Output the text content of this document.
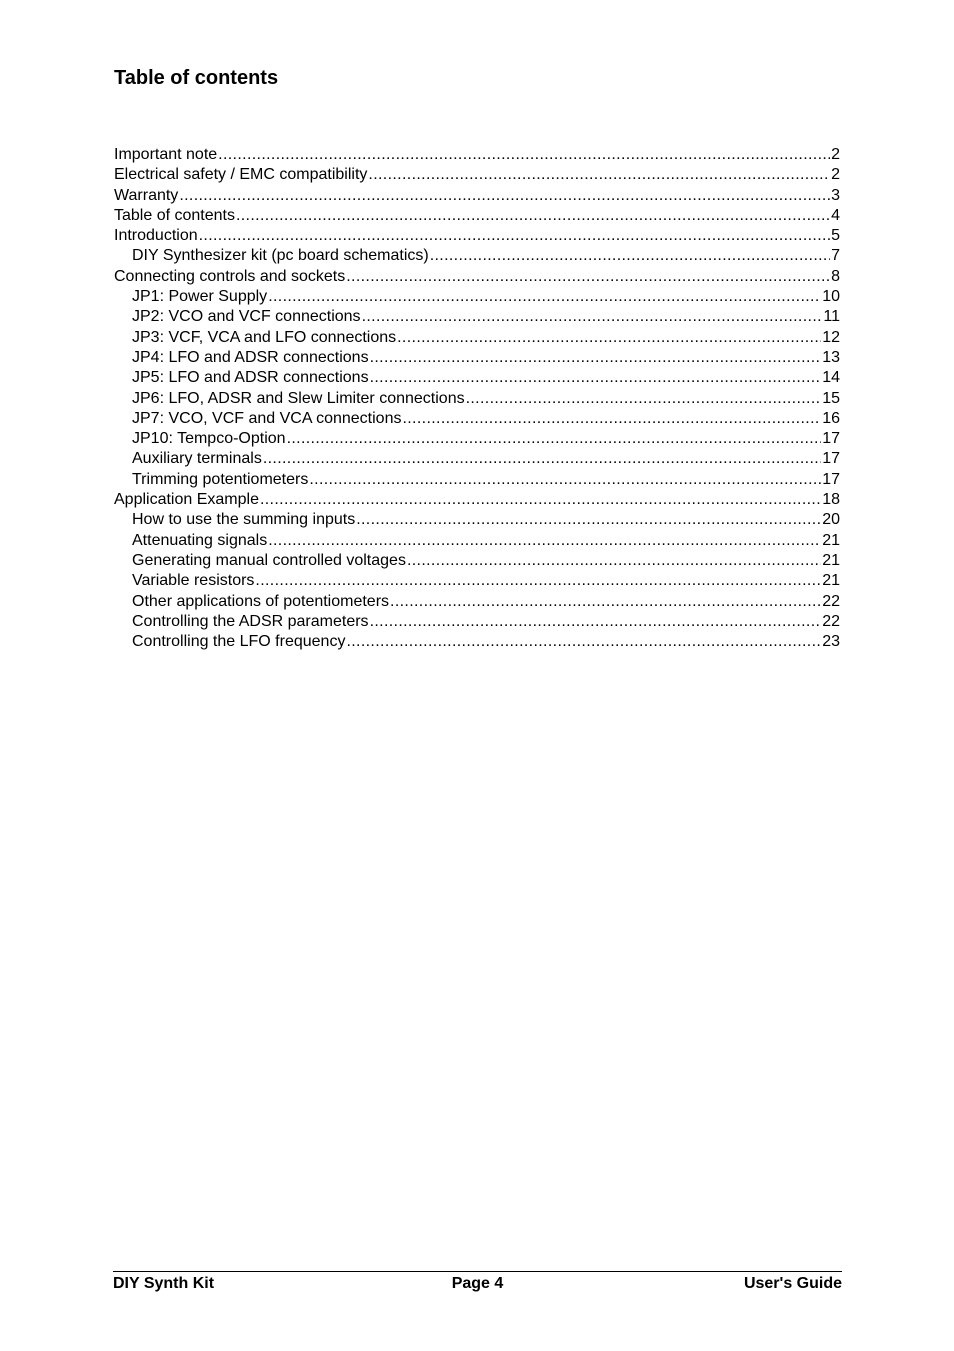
Table of contents
Important note .....	2
Electrical safety / EMC compatibility .....	2
Warranty .....	3
Table of contents .....	4
Introduction .....	5
DIY Synthesizer kit (pc board schematics) .....	7
Connecting controls and sockets .....	8
JP1: Power Supply .....	10
JP2: VCO and VCF connections .....	11
JP3: VCF, VCA and LFO connections .....	12
JP4: LFO and ADSR connections .....	13
JP5: LFO and ADSR connections .....	14
JP6: LFO, ADSR and Slew Limiter connections .....	15
JP7: VCO, VCF and VCA connections .....	16
JP10: Tempco-Option .....	17
Auxiliary terminals .....	17
Trimming potentiometers .....	17
Application Example .....	18
How to use the summing inputs .....	20
Attenuating signals .....	21
Generating manual controlled voltages .....	21
Variable resistors .....	21
Other applications of potentiometers .....	22
Controlling the ADSR parameters .....	22
Controlling the LFO frequency .....	23
DIY Synth Kit	Page 4	User's Guide
